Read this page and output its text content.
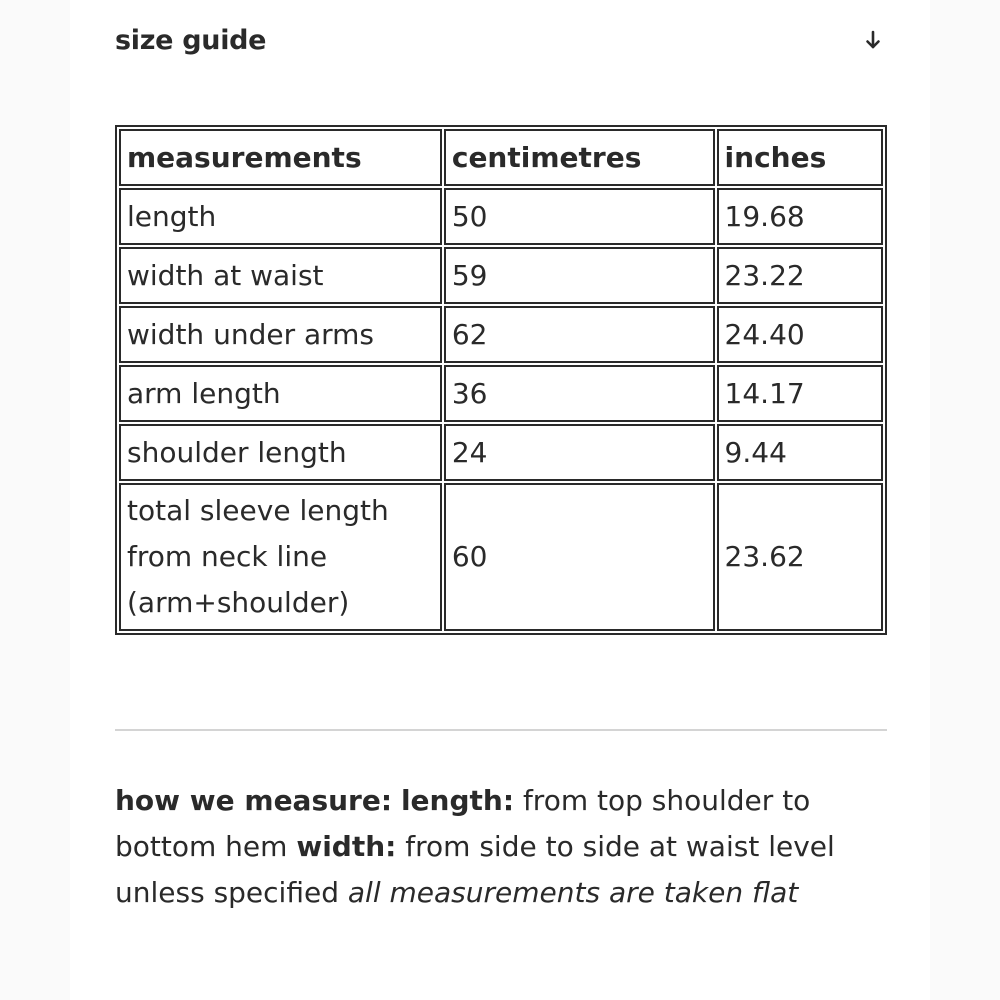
size guide
measurements	centimetres	inches
length	50	19.68
width at waist	59	23.22
width under arms	62	24.40
arm length	36	14.17
shoulder length	24	9.44

total sleeve length
from neck line
(arm+shoulder)	60	23.62
how we measure: length: from top shoulder to bottom hem width: from side to side at waist level unless specified all measurements are taken flat
